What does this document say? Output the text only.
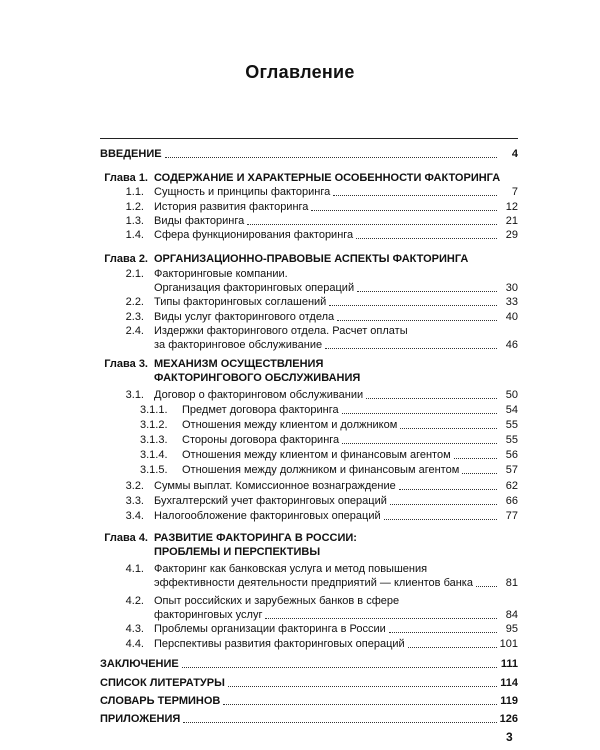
Оглавление
ВВЕДЕНИЕ	4
Глава 1. СОДЕРЖАНИЕ И ХАРАКТЕРНЫЕ ОСОБЕННОСТИ ФАКТОРИНГА
1.1. Сущность и принципы факторинга	7
1.2. История развития факторинга	12
1.3. Виды факторинга	21
1.4. Сфера функционирования факторинга	29
Глава 2. ОРГАНИЗАЦИОННО-ПРАВОВЫЕ АСПЕКТЫ ФАКТОРИНГА
2.1. Факторинговые компании.
Организация факторинговых операций	30
2.2. Типы факторинговых соглашений	33
2.3. Виды услуг факторингового отдела	40
2.4. Издержки факторингового отдела. Расчет оплаты
за факторинговое обслуживание	46
Глава 3. МЕХАНИЗМ ОСУЩЕСТВЛЕНИЯ
ФАКТОРИНГОВОГО ОБСЛУЖИВАНИЯ
3.1. Договор о факторинговом обслуживании	50
3.1.1.	Предмет договора факторинга	54
3.1.2.	Отношения между клиентом и должником	55
3.1.3.	Стороны договора факторинга	55
3.1.4.	Отношения между клиентом и финансовым агентом	56
3.1.5.	Отношения между должником и финансовым агентом	57
3.2. Суммы выплат. Комиссионное вознаграждение	62
3.3. Бухгалтерский учет факторинговых операций	66
3.4. Налогообложение факторинговых операций	77
Глава 4. РАЗВИТИЕ ФАКТОРИНГА В РОССИИ:
ПРОБЛЕМЫ И ПЕРСПЕКТИВЫ
4.1. Факторинг как банковская услуга и метод повышения
эффективности деятельности предприятий — клиентов банка	81
4.2. Опыт российских и зарубежных банков в сфере
факторинговых услуг	84
4.3. Проблемы организации факторинга в России	95
4.4. Перспективы развития факторинговых операций	101
ЗАКЛЮЧЕНИЕ	111
СПИСОК ЛИТЕРАТУРЫ	114
СЛОВАРЬ ТЕРМИНОВ	119
ПРИЛОЖЕНИЯ	126
3
